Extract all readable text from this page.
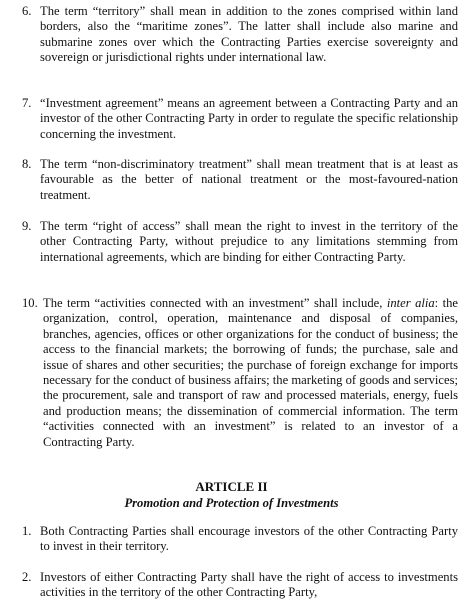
6. The term “territory” shall mean in addition to the zones comprised within land borders, also the “maritime zones”. The latter shall include also marine and submarine zones over which the Contracting Parties exercise sovereignty and sovereign or jurisdictional rights under international law.
7. “Investment agreement” means an agreement between a Contracting Party and an investor of the other Contracting Party in order to regulate the specific relationship concerning the investment.
8. The term “non-discriminatory treatment” shall mean treatment that is at least as favourable as the better of national treatment or the most-favoured-nation treatment.
9. The term “right of access” shall mean the right to invest in the territory of the other Contracting Party, without prejudice to any limitations stemming from international agreements, which are binding for either Contracting Party.
10. The term “activities connected with an investment” shall include, inter alia: the organization, control, operation, maintenance and disposal of companies, branches, agencies, offices or other organizations for the conduct of business; the access to the financial markets; the borrowing of funds; the purchase, sale and issue of shares and other securities; the purchase of foreign exchange for imports necessary for the conduct of business affairs; the marketing of goods and services; the procurement, sale and transport of raw and processed materials, energy, fuels and production means; the dissemination of commercial information. The term “activities connected with an investment” is related to an investor of a Contracting Party.
ARTICLE II
Promotion and Protection of Investments
1. Both Contracting Parties shall encourage investors of the other Contracting Party to invest in their territory.
2. Investors of either Contracting Party shall have the right of access to investments activities in the territory of the other Contracting Party,
